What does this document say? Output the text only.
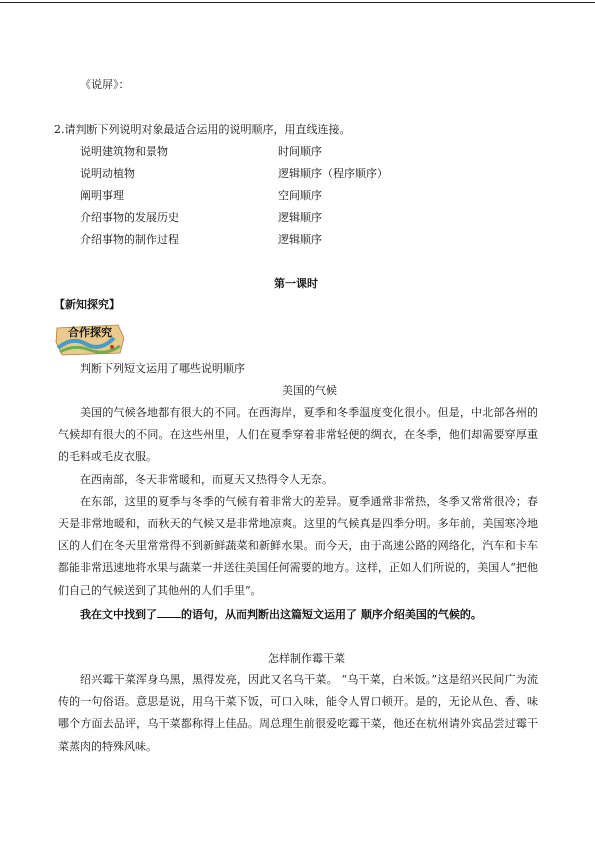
《说屏》：
2.请判断下列说明对象最适合运用的说明顺序，用直线连接。
说明建筑物和景物	时间顺序
说明动植物	逻辑顺序（程序顺序）
阐明事理	空间顺序
介绍事物的发展历史	逻辑顺序
介绍事物的制作过程	逻辑顺序
第一课时
【新知探究】
合作探究
判断下列短文运用了哪些说明顺序
美国的气候

美国的气候各地都有很大的不同。在西海岸，夏季和冬季温度变化很小。但是，中北部各州的气候却有很大的不同。在这些州里，人们在夏季穿着非常轻便的绸衣，在冬季，他们却需要穿厚重的毛料或毛皮衣服。

在西南部，冬天非常暖和，而夏天又热得令人无奈。

在东部，这里的夏季与冬季的气候有着非常大的差异。夏季通常非常热，冬季又常常很冷；春天是非常地暖和，而秋天的气候又是非常地凉爽。这里的气候真是四季分明。多年前，美国寒冷地区的人们在冬天里常常得不到新鲜蔬菜和新鲜水果。而今天，由于高速公路的网络化，汽车和卡车都能非常迅速地将水果与蔬菜一并送往美国任何需要的地方。这样，正如人们所说的，美国人“把他们自己的气候送到了其他州的人们手里”。

我在文中找到了 的语句，从而判断出这篇短文运用了 顺序介绍美国的气候的。
怎样制作霉干菜

绍兴霉干菜浑身乌黑，黑得发亮，因此又名乌干菜。 “乌干菜，白米饭。”这是绍兴民间广为流传的一句俗语。意思是说，用乌干菜下饭，可口入味，能令人胃口顿开。是的，无论从色、香、味哪个方面去品评，乌干菜都称得上佳品。周总理生前很爱吃霉干菜，他还在杭州请外宾品尝过霉干菜蒸肉的特殊风味。
